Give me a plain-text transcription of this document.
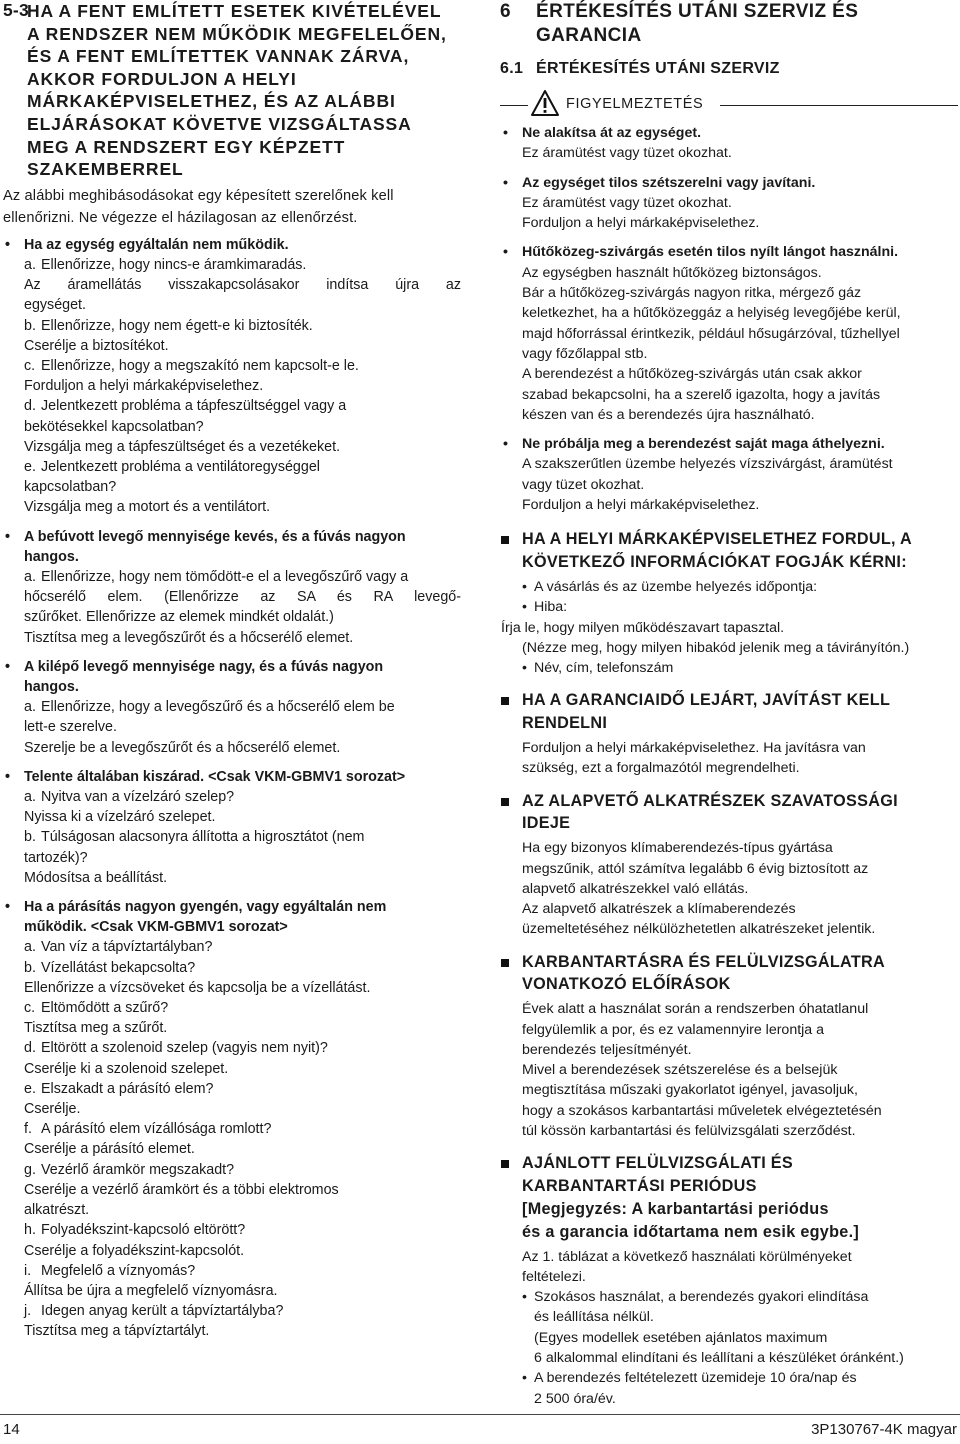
5-3
HA A FENT EMLÍTETT ESETEK KIVÉTELÉVEL
A RENDSZER NEM MŰKÖDIK MEGFELELŐEN,
ÉS A FENT EMLÍTETTEK VANNAK ZÁRVA,
AKKOR FORDULJON A HELYI
MÁRKAKÉPVISELETHEZ, ÉS AZ ALÁBBI
ELJÁRÁSOKAT KÖVETVE VIZSGÁLTASSA
MEG A RENDSZERT EGY KÉPZETT
SZAKEMBERREL
Az alábbi meghibásodásokat egy képesített szerelőnek kell
ellenőrizni. Ne végezze el házilagosan az ellenőrzést.
• Ha az egység egyáltalán nem működik.
a. Ellenőrizze, hogy nincs-e áramkimaradás.
Az áramellátás visszakapcsolásakor indítsa újra az
egységet.
b. Ellenőrizze, hogy nem égett-e ki biztosíték.
Cserélje a biztosítékot.
c. Ellenőrizze, hogy a megszakító nem kapcsolt-e le.
Forduljon a helyi márkaképviselethez.
d. Jelentkezett probléma a tápfeszültséggel vagy a
bekötésekkel kapcsolatban?
Vizsgálja meg a tápfeszültséget és a vezetékeket.
e. Jelentkezett probléma a ventilátoregységgel
kapcsolatban?
Vizsgálja meg a motort és a ventilátort.
• A befúvott levegő mennyisége kevés, és a fúvás nagyon
hangos.
a. Ellenőrizze, hogy nem tömődött-e el a levegőszűrő vagy a
hőcserélő elem. (Ellenőrizze az SA és RA levegő-
szűrőket. Ellenőrizze az elemek mindkét oldalát.)
Tisztítsa meg a levegőszűrőt és a hőcserélő elemet.
• A kilépő levegő mennyisége nagy, és a fúvás nagyon
hangos.
a. Ellenőrizze, hogy a levegőszűrő és a hőcserélő elem be
lett-e szerelve.
Szerelje be a levegőszűrőt és a hőcserélő elemet.
• Telente általában kiszárad. <Csak VKM-GBMV1 sorozat>
a. Nyitva van a vízelzáró szelep?
Nyissa ki a vízelzáró szelepet.
b. Túlságosan alacsonyra állította a higrosztátot (nem
tartozék)?
Módosítsa a beállítást.
• Ha a párásítás nagyon gyengén, vagy egyáltalán nem
működik. <Csak VKM-GBMV1 sorozat>
a. Van víz a tápvíztartályban?
b. Vízellátást bekapcsolta?
Ellenőrizze a vízcsöveket és kapcsolja be a vízellátást.
c. Eltömődött a szűrő?
Tisztítsa meg a szűrőt.
d. Eltörött a szolenoid szelep (vagyis nem nyit)?
Cserélje ki a szolenoid szelepet.
e. Elszakadt a párásító elem?
Cserélje.
f. A párásító elem vízállósága romlott?
Cserélje a párásító elemet.
g. Vezérlő áramkör megszakadt?
Cserélje a vezérlő áramkört és a többi elektromos
alkatrészt.
h. Folyadékszint-kapcsoló eltörött?
Cserélje a folyadékszint-kapcsolót.
i. Megfelelő a víznyomás?
Állítsa be újra a megfelelő víznyomásra.
j. Idegen anyag került a tápvíztartályba?
Tisztítsa meg a tápvíztartályt.
6 ÉRTÉKESÍTÉS UTÁNI SZERVIZ ÉS
GARANCIA
6.1 ÉRTÉKESÍTÉS UTÁNI SZERVIZ
FIGYELMEZTETÉS
• Ne alakítsa át az egységet.
Ez áramütést vagy tüzet okozhat.
• Az egységet tilos szétszerelni vagy javítani.
Ez áramütést vagy tüzet okozhat.
Forduljon a helyi márkaképviselethez.
• Hűtőközeg-szivárgás esetén tilos nyílt lángot használni.
Az egységben használt hűtőközeg biztonságos.
Bár a hűtőközeg-szivárgás nagyon ritka, mérgező gáz
keletkezhet, ha a hűtőközeggáz a helyiség levegőjébe kerül,
majd hőforrással érintkezik, például hősugárzóval, tűzhellyel
vagy főzőlappal stb.
A berendezést a hűtőközeg-szivárgás után csak akkor
szabad bekapcsolni, ha a szerelő igazolta, hogy a javítás
készen van és a berendezés újra használható.
• Ne próbálja meg a berendezést saját maga áthelyezni.
A szakszerűtlen üzembe helyezés vízszivárgást, áramütést
vagy tüzet okozhat.
Forduljon a helyi márkaképviselethez.
HA A HELYI MÁRKAKÉPVISELETHEZ FORDUL, A
KÖVETKEZŐ INFORMÁCIÓKAT FOGJÁK KÉRNI:
• A vásárlás és az üzembe helyezés időpontja:
• Hiba:
Írja le, hogy milyen működészavart tapasztal.
(Nézze meg, hogy milyen hibakód jelenik meg a távirányítón.)
• Név, cím, telefonszám
HA A GARANCIAIDŐ LEJÁRT, JAVÍTÁST KELL
RENDELNI
Forduljon a helyi márkaképviselethez. Ha javításra van
szükség, ezt a forgalmazótól megrendelheti.
AZ ALAPVETŐ ALKATRÉSZEK SZAVATOSSÁGI
IDEJE
Ha egy bizonyos klímaberendezés-típus gyártása
megszűnik, attól számítva legalább 6 évig biztosított az
alapvető alkatrészekkel való ellátás.
Az alapvető alkatrészek a klímaberendezés
üzemeltetéséhez nélkülözhetetlen alkatrészeket jelentik.
KARBANTARTÁSRA ÉS FELÜLVIZSGÁLATRA
VONATKOZÓ ELŐÍRÁSOK
Évek alatt a használat során a rendszerben óhatatlanul
felgyülemlik a por, és ez valamennyire lerontja a
berendezés teljesítményét.
Mivel a berendezések szétszerelése és a belsejük
megtisztítása műszaki gyakorlatot igényel, javasoljuk,
hogy a szokásos karbantartási műveletek elvégeztetésén
túl kössön karbantartási és felülvizsgálati szerződést.
AJÁNLOTT FELÜLVIZSGÁLATI ÉS
KARBANTARTÁSI PERIÓDUS
[Megjegyzés: A karbantartási periódus
és a garancia időtartama nem esik egybe.]
Az 1. táblázat a következő használati körülményeket
feltételezi.
• Szokásos használat, a berendezés gyakori elindítása
és leállítása nélkül.
(Egyes modellek esetében ajánlatos maximum
6 alkalommal elindítani és leállítani a készüléket óránként.)
• A berendezés feltételezett üzemideje 10 óra/nap és
2 500 óra/év.
14	3P130767-4K magyar
